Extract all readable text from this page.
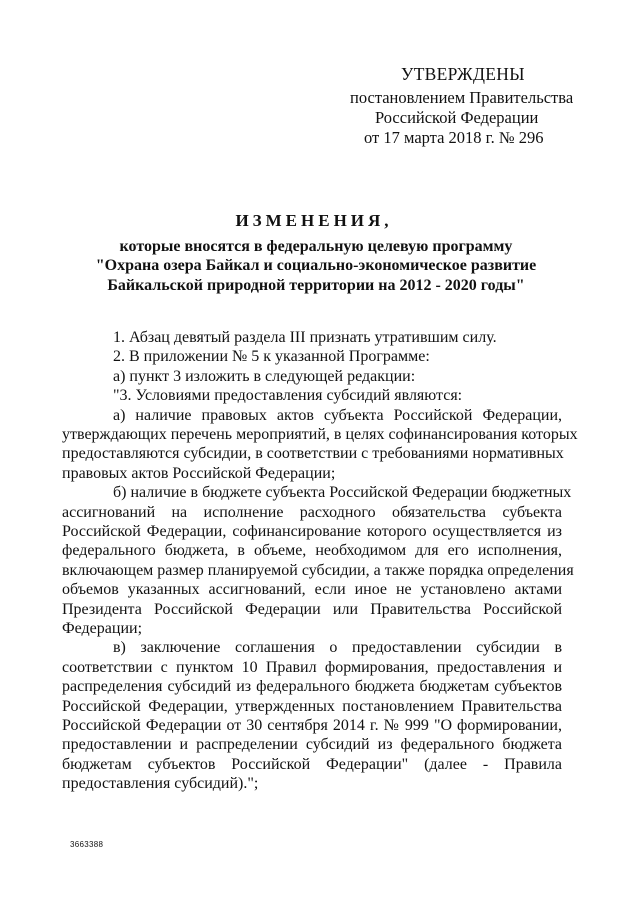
УТВЕРЖДЕНЫ
постановлением Правительства
Российской Федерации
от 17 марта 2018 г. № 296
ИЗМЕНЕНИЯ,
которые вносятся в федеральную целевую программу
"Охрана озера Байкал и социально-экономическое развитие
Байкальской природной территории на 2012 - 2020 годы"
1. Абзац девятый раздела III признать утратившим силу.
2. В приложении № 5 к указанной Программе:
а) пункт 3 изложить в следующей редакции:
"3. Условиями предоставления субсидий являются:
а) наличие правовых актов субъекта Российской Федерации,
утверждающих перечень мероприятий, в целях софинансирования которых
предоставляются субсидии, в соответствии с требованиями нормативных
правовых актов Российской Федерации;
б) наличие в бюджете субъекта Российской Федерации бюджетных
ассигнований на исполнение расходного обязательства субъекта
Российской Федерации, софинансирование которого осуществляется из
федерального бюджета, в объеме, необходимом для его исполнения,
включающем размер планируемой субсидии, а также порядка определения
объемов указанных ассигнований, если иное не установлено актами
Президента Российской Федерации или Правительства Российской
Федерации;
в) заключение соглашения о предоставлении субсидии в
соответствии с пунктом 10 Правил формирования, предоставления и
распределения субсидий из федерального бюджета бюджетам субъектов
Российской Федерации, утвержденных постановлением Правительства
Российской Федерации от 30 сентября 2014 г. № 999 "О формировании,
предоставлении и распределении субсидий из федерального бюджета
бюджетам субъектов Российской Федерации" (далее - Правила
предоставления субсидий).";
3663388
